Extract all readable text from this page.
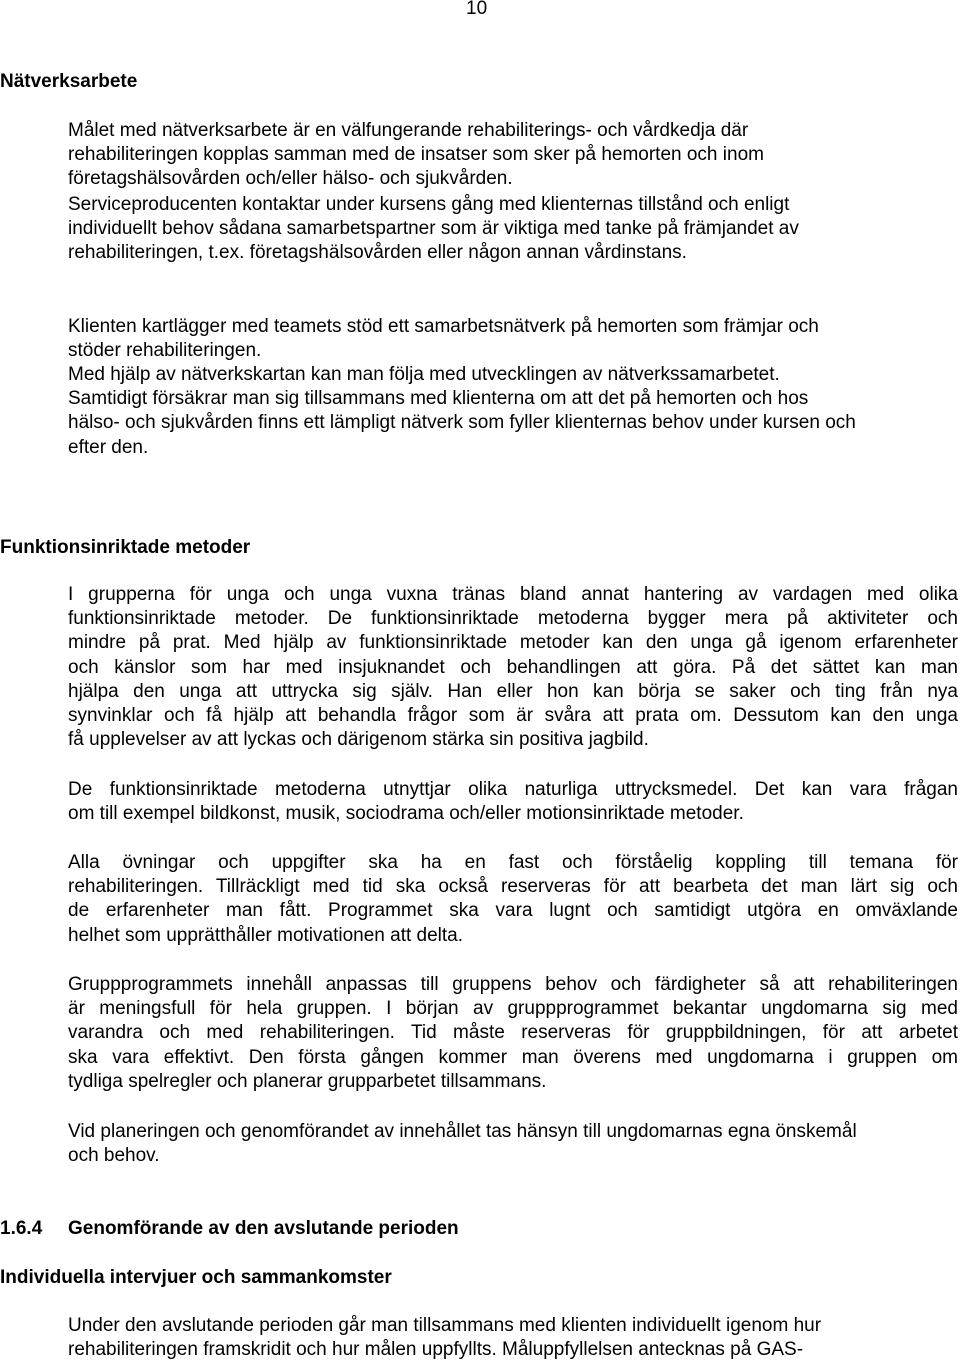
10
Nätverksarbete
Målet med nätverksarbete är en välfungerande rehabiliterings- och vårdkedja där
rehabiliteringen kopplas samman med de insatser som sker på hemorten och inom
företagshälsovården och/eller hälso- och sjukvården.
Serviceproducenten kontaktar under kursens gång med klienternas tillstånd och enligt
individuellt behov sådana samarbetspartner som är viktiga med tanke på främjandet av
rehabiliteringen, t.ex. företagshälsovården eller någon annan vårdinstans.
Klienten kartlägger med teamets stöd ett samarbetsnätverk på hemorten som främjar och
stöder rehabiliteringen.
Med hjälp av nätverkskartan kan man följa med utvecklingen av nätverkssamarbetet.
Samtidigt försäkrar man sig tillsammans med klienterna om att det på hemorten och hos
hälso- och sjukvården finns ett lämpligt nätverk som fyller klienternas behov under kursen och
efter den.
Funktionsinriktade metoder
I grupperna för unga och unga vuxna tränas bland annat hantering av vardagen med olika
funktionsinriktade metoder. De funktionsinriktade metoderna bygger mera på aktiviteter och
mindre på prat. Med hjälp av funktionsinriktade metoder kan den unga gå igenom erfarenheter
och känslor som har med insjuknandet och behandlingen att göra. På det sättet kan man
hjälpa den unga att uttrycka sig själv. Han eller hon kan börja se saker och ting från nya
synvinklar och få hjälp att behandla frågor som är svåra att prata om. Dessutom kan den unga
få upplevelser av att lyckas och därigenom stärka sin positiva jagbild.
De funktionsinriktade metoderna utnyttjar olika naturliga uttrycksmedel. Det kan vara frågan
om till exempel bildkonst, musik, sociodrama och/eller motionsinriktade metoder.
Alla övningar och uppgifter ska ha en fast och förståelig koppling till temana för
rehabiliteringen. Tillräckligt med tid ska också reserveras för att bearbeta det man lärt sig och
de erfarenheter man fått. Programmet ska vara lugnt och samtidigt utgöra en omväxlande
helhet som upprätthåller motivationen att delta.
Gruppprogrammets innehåll anpassas till gruppens behov och färdigheter så att rehabiliteringen
är meningsfull för hela gruppen. I början av gruppprogrammet bekantar ungdomarna sig med
varandra och med rehabiliteringen. Tid måste reserveras för gruppbildningen, för att arbetet
ska vara effektivt. Den första gången kommer man överens med ungdomarna i gruppen om
tydliga spelregler och planerar grupparbetet tillsammans.
Vid planeringen och genomförandet av innehållet tas hänsyn till ungdomarnas egna önskemål
och behov.
1.6.4 Genomförande av den avslutande perioden
Individuella intervjuer och sammankomster
Under den avslutande perioden går man tillsammans med klienten individuellt igenom hur
rehabiliteringen framskridit och hur målen uppfyllts. Måluppfyllelsen antecknas på GAS-
